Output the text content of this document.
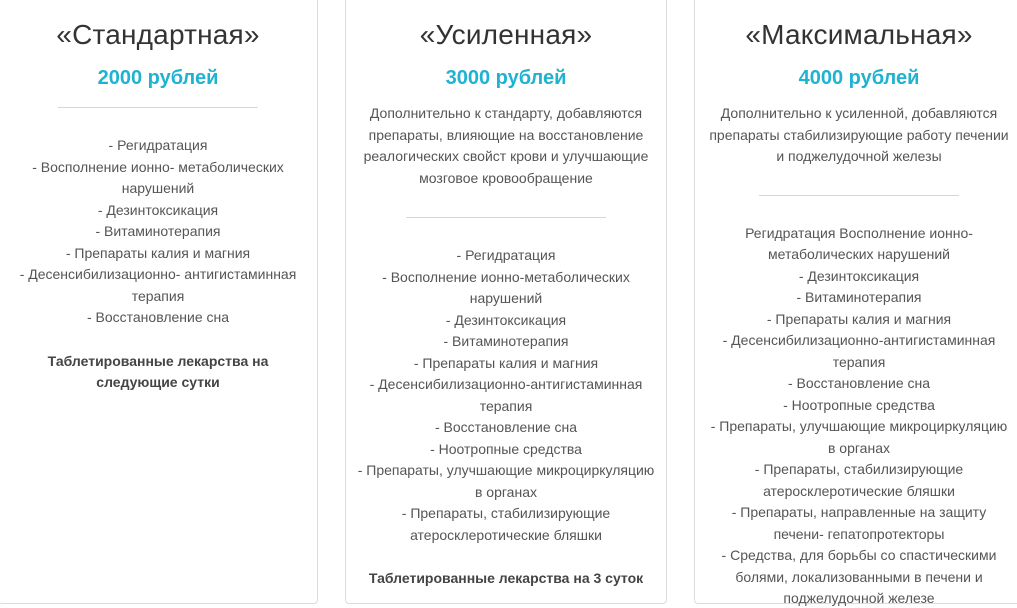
«Стандартная»
2000 рублей
- Регидратация
- Восполнение ионно- метаболических нарушений
- Дезинтоксикация
- Витаминотерапия
- Препараты калия и магния
- Десенсибилизационно- антигистаминная терапия
- Восстановление сна
Таблетированные лекарства на следующие сутки
«Усиленная»
3000 рублей
Дополнительно к стандарту, добавляются препараты, влияющие на восстановление реалогических свойст крови и улучшающие мозговое кровообращение
- Регидратация
- Восполнение ионно-метаболических нарушений
- Дезинтоксикация
- Витаминотерапия
- Препараты калия и магния
- Десенсибилизационно-антигистаминная терапия
- Восстановление сна
- Ноотропные средства
- Препараты, улучшающие микроциркуляцию в органах
- Препараты, стабилизирующие атеросклеротические бляшки
Таблетированные лекарства на 3 суток
«Максимальная»
4000 рублей
Дополнительно к усиленной, добавляются препараты стабилизирующие работу печении и поджелудочной железы
Регидратация Восполнение ионно-метаболических нарушений
- Дезинтоксикация
- Витаминотерапия
- Препараты калия и магния
- Десенсибилизационно-антигистаминная терапия
- Восстановление сна
- Ноотропные средства
- Препараты, улучшающие микроциркуляцию в органах
- Препараты, стабилизирующие атеросклеротические бляшки
- Препараты, направленные на защиту печени- гепатопротекторы
- Средства, для борьбы со спастическими болями, локализованными в печени и поджелудочной железе
